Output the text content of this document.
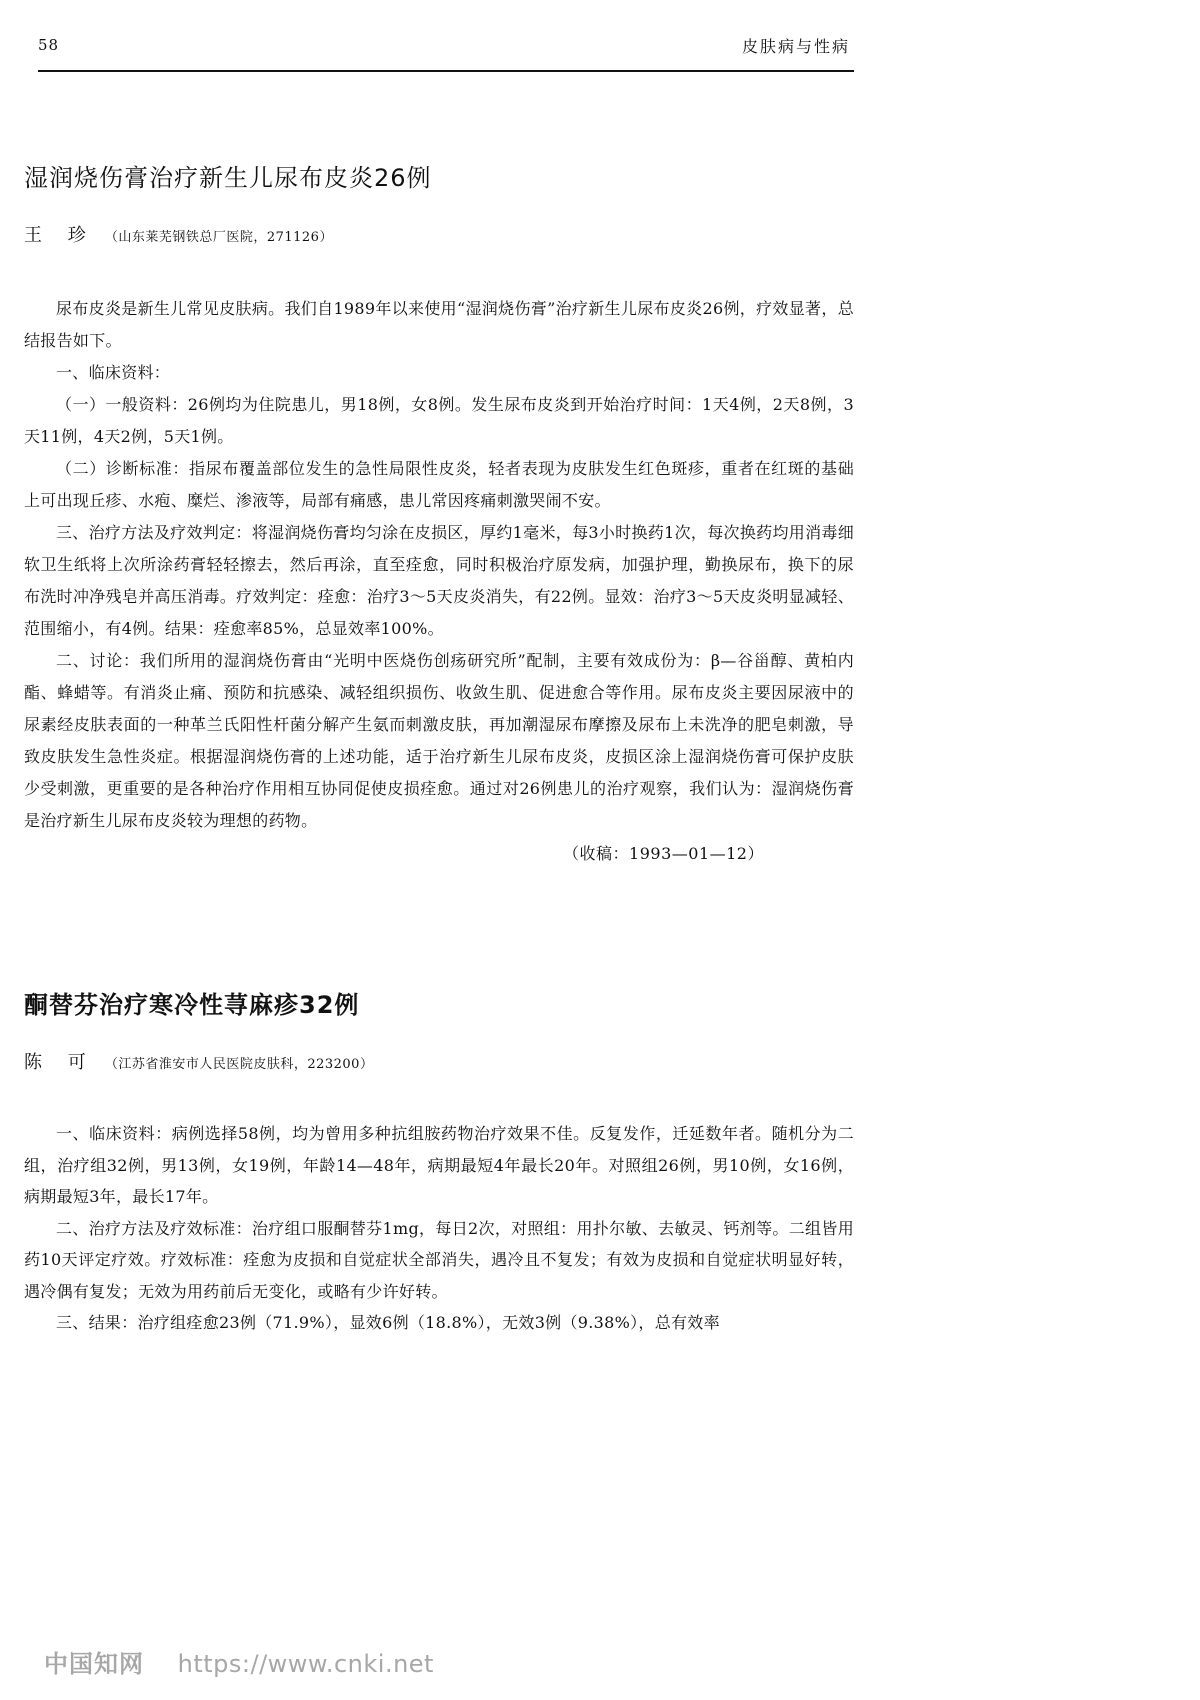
58	皮肤病与性病
湿润烧伤膏治疗新生儿尿布皮炎26例
王 珍 （山东莱芜钢铁总厂医院，271126）

尿布皮炎是新生儿常见皮肤病。我们自1989年以来使用“湿润烧伤膏”治疗新生儿尿布皮炎26例，疗效显著，总结报告如下。

一、临床资料：

（一）一般资料：26例均为住院患儿，男18例，女8例。发生尿布皮炎到开始治疗时间：1天4例，2天8例，3天11例，4天2例，5天1例。

（二）诊断标准：指尿布覆盖部位发生的急性局限性皮炎，轻者表现为皮肤发生红色斑疹，重者在红斑的基础上可出现丘疹、水疱、糜烂、渗液等，局部有痛感，患儿常因疼痛刺激哭闹不安。

三、治疗方法及疗效判定：将湿润烧伤膏均匀涂在皮损区，厚约1毫米，每3小时换药1次，每次换药均用消毒细软卫生纸将上次所涂药膏轻轻擦去，然后再涂，直至痊愈，同时积极治疗原发病，加强护理，勤换尿布，换下的尿布洗时冲净残皂并高压消毒。疗效判定：痊愈：治疗3～5天皮炎消失，有22例。显效：治疗3～5天皮炎明显减轻、范围缩小，有4例。结果：痊愈率85%，总显效率100%。

二、讨论：我们所用的湿润烧伤膏由“光明中医烧伤创疡研究所”配制，主要有效成份为：β—谷甾醇、黄柏内酯、蜂蜡等。有消炎止痛、预防和抗感染、减轻组织损伤、收敛生肌、促进愈合等作用。尿布皮炎主要因尿液中的尿素经皮肤表面的一种革兰氏阳性杆菌分解产生氨而刺激皮肤，再加潮湿尿布摩擦及尿布上未洗净的肥皂刺激，导致皮肤发生急性炎症。根据湿润烧伤膏的上述功能，适于治疗新生儿尿布皮炎，皮损区涂上湿润烧伤膏可保护皮肤少受刺激，更重要的是各种治疗作用相互协同促使皮损痊愈。通过对26例患儿的治疗观察，我们认为：湿润烧伤膏是治疗新生儿尿布皮炎较为理想的药物。

（收稿：1993—01—12）
酮替芬治疗寒冷性荨麻疹32例
陈 可 （江苏省淮安市人民医院皮肤科，223200）

一、临床资料：病例选择58例，均为曾用多种抗组胺药物治疗效果不佳。反复发作，迁延数年者。随机分为二组，治疗组32例，男13例，女19例，年龄14—48年，病期最短4年最长20年。对照组26例，男10例，女16例，病期最短3年，最长17年。

二、治疗方法及疗效标准：治疗组口服酮替芬1mg，每日2次，对照组：用扑尔敏、去敏灵、钙剂等。二组皆用药10天评定疗效。疗效标准：痊愈为皮损和自觉症状全部消失，遇冷且不复发；有效为皮损和自觉症状明显好转，遇冷偶有复发；无效为用药前后无变化，或略有少许好转。

三、结果：治疗组痊愈23例（71.9%），显效6例（18.8%），无效3例（9.38%），总有效率

中国知网 https://www.cnki.net
